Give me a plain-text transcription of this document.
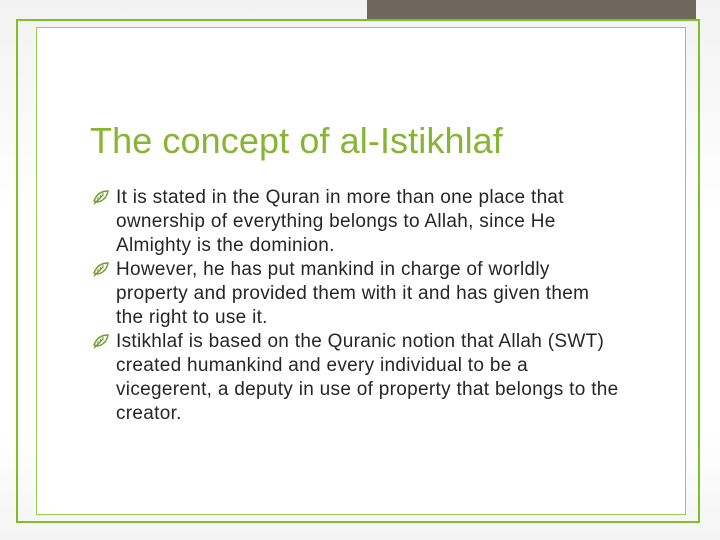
The concept of al-Istikhlaf
It is stated in the Quran in more than one place that ownership of everything belongs to Allah, since He Almighty is the dominion.
However, he has put mankind in charge of worldly property and provided them with it and has given them the right to use it.
Istikhlaf is based on the Quranic notion that Allah (SWT) created humankind and every individual to be a vicegerent, a deputy in use of property that belongs to the creator.
